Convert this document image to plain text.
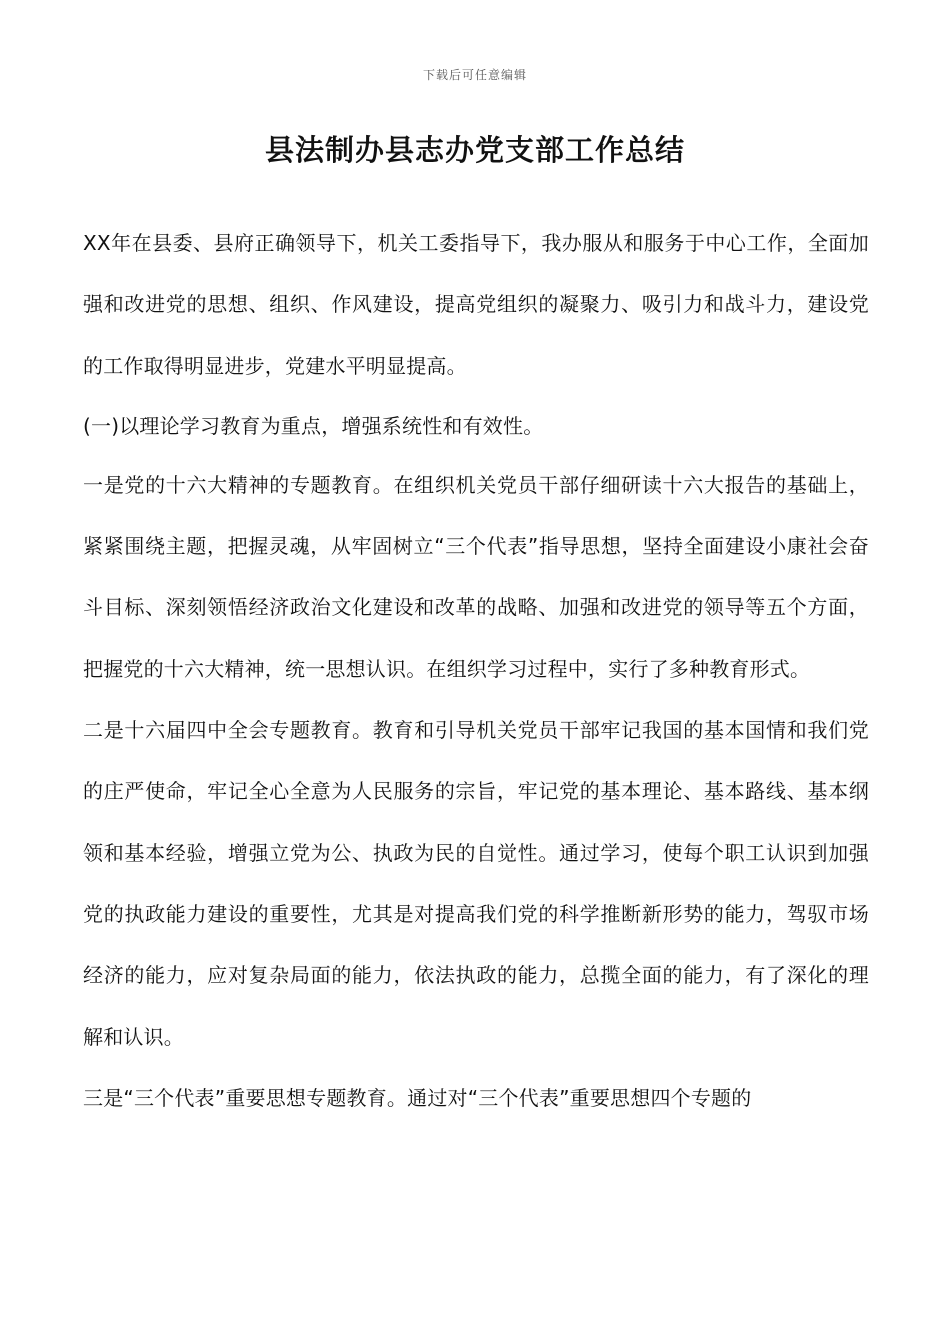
下载后可任意编辑
县法制办县志办党支部工作总结

XX年在县委、县府正确领导下，机关工委指导下，我办服从和服务于中心工作，全面加强和改进党的思想、组织、作风建设，提高党组织的凝聚力、吸引力和战斗力，建设党的工作取得明显进步，党建水平明显提高。

(一)以理论学习教育为重点，增强系统性和有效性。

一是党的十六大精神的专题教育。在组织机关党员干部仔细研读十六大报告的基础上，紧紧围绕主题，把握灵魂，从牢固树立“三个代表”指导思想，坚持全面建设小康社会奋斗目标、深刻领悟经济政治文化建设和改革的战略、加强和改进党的领导等五个方面，把握党的十六大精神，统一思想认识。在组织学习过程中，实行了多种教育形式。

二是十六届四中全会专题教育。教育和引导机关党员干部牢记我国的基本国情和我们党的庄严使命，牢记全心全意为人民服务的宗旨，牢记党的基本理论、基本路线、基本纲领和基本经验，增强立党为公、执政为民的自觉性。通过学习，使每个职工认识到加强党的执政能力建设的重要性，尤其是对提高我们党的科学推断新形势的能力，驾驭市场经济的能力，应对复杂局面的能力，依法执政的能力，总揽全面的能力，有了深化的理解和认识。

三是“三个代表”重要思想专题教育。通过对“三个代表”重要思想四个专题的
